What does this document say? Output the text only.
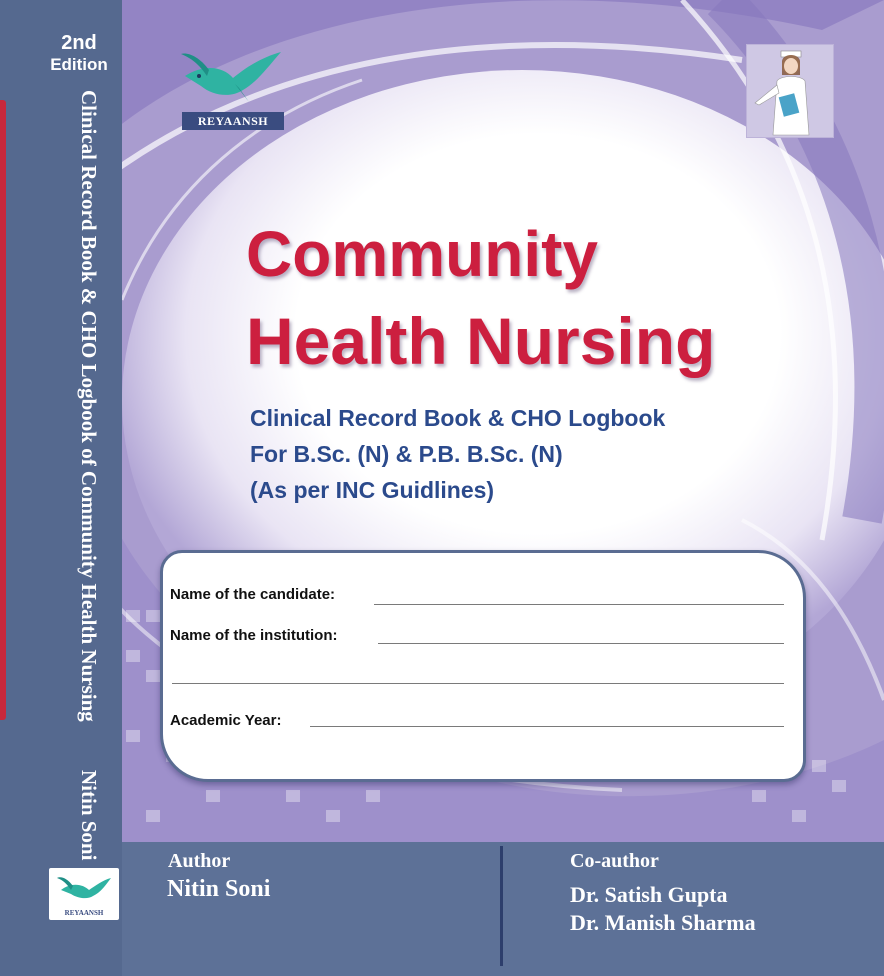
2nd
Edition
Clinical Record Book & CHO Logbook of Community Health Nursing
Nitin Soni
REYAANSH
REYAANSH
Community
Health Nursing
Clinical Record Book & CHO Logbook
For B.Sc. (N) & P.B. B.Sc. (N)
(As per INC Guidlines)
Name of the candidate:
Name of the institution:
Academic Year:
Author
Nitin Soni
Co-author
Dr. Satish Gupta
Dr. Manish Sharma
